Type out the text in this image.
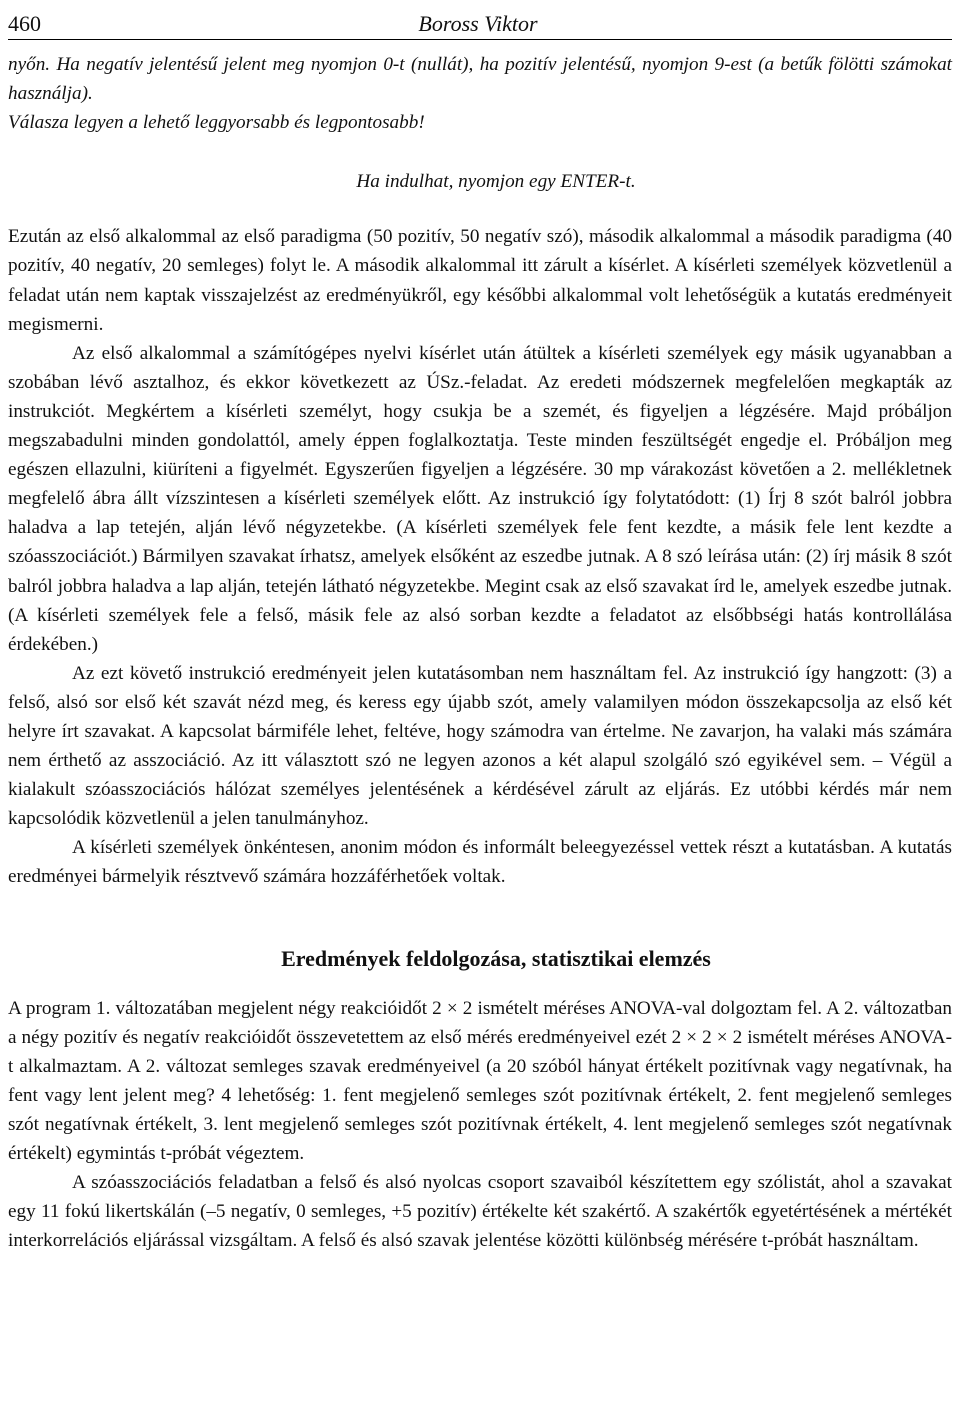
460	Boross Viktor

nyőn. Ha negatív jelentésű jelent meg nyomjon 0-t (nullát), ha pozitív jelentésű, nyomjon 9-est (a betűk fölötti számokat használja).

Válasza legyen a lehető leggyorsabb és legpontosabb!

Ha indulhat, nyomjon egy ENTER-t.

Ezután az első alkalommal az első paradigma (50 pozitív, 50 negatív szó), második alkalommal a második paradigma (40 pozitív, 40 negatív, 20 semleges) folyt le. A második alkalommal itt zárult a kísérlet. A kísérleti személyek közvetlenül a feladat után nem kaptak visszajelzést az eredményükről, egy későbbi alkalommal volt lehetőségük a kutatás eredményeit megismerni.

Az első alkalommal a számítógépes nyelvi kísérlet után átültek a kísérleti személyek egy másik ugyanabban a szobában lévő asztalhoz, és ekkor következett az ÚSz.-feladat. Az eredeti módszernek megfelelően megkapták az instrukciót. Megkértem a kísérleti személyt, hogy csukja be a szemét, és figyeljen a légzésére. Majd próbáljon megszabadulni minden gondolattól, amely éppen foglalkoztatja. Teste minden feszültségét engedje el. Próbáljon meg egészen ellazulni, kiüríteni a figyelmét. Egyszerűen figyeljen a légzésére. 30 mp várakozást követően a 2. mellékletnek megfelelő ábra állt vízszintesen a kísérleti személyek előtt. Az instrukció így folytatódott: (1) Írj 8 szót balról jobbra haladva a lap tetején, alján lévő négyzetekbe. (A kísérleti személyek fele fent kezdte, a másik fele lent kezdte a szóasszociációt.) Bármilyen szavakat írhatsz, amelyek elsőként az eszedbe jutnak. A 8 szó leírása után: (2) írj másik 8 szót balról jobbra haladva a lap alján, tetején látható négyzetekbe. Megint csak az első szavakat írd le, amelyek eszedbe jutnak. (A kísérleti személyek fele a felső, másik fele az alsó sorban kezdte a feladatot az elsőbbségi hatás kontrollálása érdekében.)

Az ezt követő instrukció eredményeit jelen kutatásomban nem használtam fel. Az instrukció így hangzott: (3) a felső, alsó sor első két szavát nézd meg, és keress egy újabb szót, amely valamilyen módon összekapcsolja az első két helyre írt szavakat. A kapcsolat bármiféle lehet, feltéve, hogy számodra van értelme. Ne zavarjon, ha valaki más számára nem érthető az asszociáció. Az itt választott szó ne legyen azonos a két alapul szolgáló szó egyikével sem. – Végül a kialakult szóasszociációs hálózat személyes jelentésének a kérdésével zárult az eljárás. Ez utóbbi kérdés már nem kapcsolódik közvetlenül a jelen tanulmányhoz.

A kísérleti személyek önkéntesen, anonim módon és informált beleegyezéssel vettek részt a kutatásban. A kutatás eredményei bármelyik résztvevő számára hozzáférhetőek voltak.

Eredmények feldolgozása, statisztikai elemzés

A program 1. változatában megjelent négy reakcióidőt 2 × 2 ismételt méréses ANOVA-val dolgoztam fel. A 2. változatban a négy pozitív és negatív reakcióidőt összevetettem az első mérés eredményeivel ezét 2 × 2 × 2 ismételt méréses ANOVA-t alkalmaztam. A 2. változat semleges szavak eredményeivel (a 20 szóból hányat értékelt pozitívnak vagy negatívnak, ha fent vagy lent jelent meg? 4 lehetőség: 1. fent megjelenő semleges szót pozitívnak értékelt, 2. fent megjelenő semleges szót negatívnak értékelt, 3. lent megjelenő semleges szót pozitívnak értékelt, 4. lent megjelenő semleges szót negatívnak értékelt) egymintás t-próbát végeztem.

A szóasszociációs feladatban a felső és alsó nyolcas csoport szavaiból készítettem egy szólistát, ahol a szavakat egy 11 fokú likertskálán (–5 negatív, 0 semleges, +5 pozitív) értékelte két szakértő. A szakértők egyetértésének a mértékét interkorrelációs eljárással vizsgáltam. A felső és alsó szavak jelentése közötti különbség mérésére t-próbát használtam.
